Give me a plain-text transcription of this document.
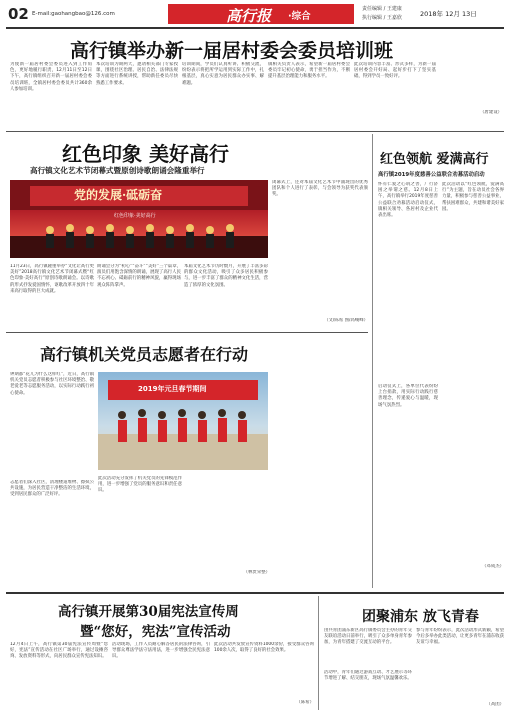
02 E-mail:gaohangbao@126.com	高行报 ·综合
责任编辑 / 王建康
执行编辑 / 王嘉欣	2018年 12月 13日
高行镇举办新一届居村委会委员培训班
为使新一届居村委会委员进入到工作角色，更好地履行职责，12月11日至12日下午，高行镇组织召开新一届居村委会委员培训班，全镇居村委会委员共计360余人参加培训。
本次培训为期两天，邀请相关部门专家授课，围绕社区治理、居民自治、法律法规等方面进行系统讲授，帮助新任委员尽快熟悉工作要求。
培训期间，学员们认真听讲、积极交流，纷纷表示将把所学运用到实际工作中，扎根基层，真心实意为居民群众办实事、解难题。
镇相关负责人表示，希望新一届居村委会委员牢记初心使命，勇于担当作为，不断提升基层治理能力和服务水平。
此次培训内容丰富、形式多样，为新一届居村委会开好局、起好步打下了坚实基础，得到学员一致好评。
（唐建设）
红色印象 美好高行
高行镇文化艺术节闭幕式暨原创诗歌朗诵会隆重举行
党的发展·砥砺奋
红色印象·美好高行
11月23日，高行镇隆重举办“文化让高行更美好”2018高行镇文化艺术节闭幕式暨“红色印象·美好高行”原创诗歌朗诵会。以诗歌的形式抒发爱国情怀，讴歌改革开放四十年来高行取得的巨大成就。
朗诵会分为“初心”“奋斗”“美好”三个篇章，演员们用饱含深情的朗诵，展现了高行人民不忘初心、砥砺前行的精神风貌，赢得现场观众阵阵掌声。
本届文化艺术节历时数月，开展了丰富多彩的群众文化活动，吸引了众多居民积极参与，进一步丰富了群众的精神文化生活，营造了浓厚的文化氛围。
闭幕式上，还对本届文化艺术节中涌现出的优秀团队和个人进行了表彰，与会领导为获奖代表颁奖。
（文/陈希 图/高峻峰）
红色领航 爱满高行
高行镇2019年度慈善公益联合劝募活动启动
怀有仁爱之心谓之善，广行济困之举谓之慈。12月8日上午，高行镇举行2019年度慈善公益联合劝募活动启动仪式，镇相关领导、各居村及企业代表出席。
启动仪式上，各单位代表纷纷上台捐款，用实际行动践行慈善理念，传递爱心与温暖，现场气氛热烈。
此次活动以“红色领航，爱满高行”为主题，旨在动员社会各界力量，积极参与慈善公益事业，帮扶困难群众，共建和谐美好家园。
（邓成杰）
高行镇机关党员志愿者在行动
钟期都“花儿为什么这样红”，近日，高行镇机关党员志愿者积极参与社区环境整治、敬老爱老等志愿服务活动，以实际行动践行初心使命。
志愿者们深入社区，清理楼道堆物、擦拭公共设施，为居民营造干净整洁的生活环境，受到居民群众的广泛好评。
2019年元旦春节期间
此次活动充分发挥了机关党员的先锋模范作用，进一步增强了党员的服务意识和责任意识。
（林贵荣整）
高行镇开展第30届宪法宣传周
暨“您好，宪法”宣传活动
12月4日上午，高行镇第30届宪法宣传周暨“您好，宪法”宣传活动在社区广场举行，通过设摊咨询、发放资料等形式，向居民群众宣传宪法知识。
活动现场，工作人员耐心解答居民的法律咨询，引导群众尊法学法守法用法，进一步增强全民宪法意识。
此次活动共发放宣传资料1000余份，接受群众咨询100余人次，取得了良好的社会效果。
（陈希）
团聚浦东 放飞青春
由共青团浦东新区高行镇委员会主办的青年交友联谊活动日前举行，吸引了众多单身青年参加，为青年搭建了交流互动的平台。
活动中，青年们通过游戏互动、才艺展示等环节增进了解、结交朋友，现场气氛温馨欢乐。
参与青年纷纷表示，此次活动形式新颖，希望今后多举办此类活动，让更多青年在浦东收获友谊与幸福。
（高团）
